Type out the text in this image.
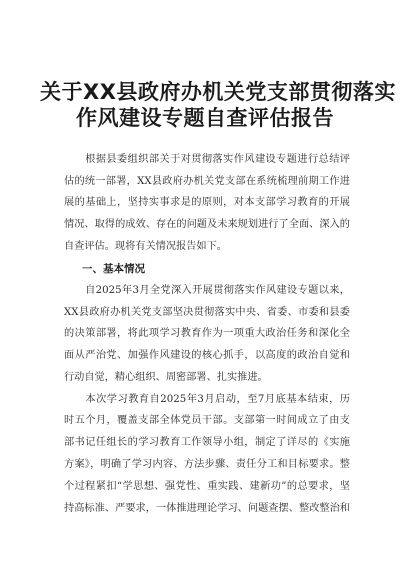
关于XX县政府办机关党支部贯彻落实
作风建设专题自查评估报告
　　根据县委组织部关于对贯彻落实作风建设专题进行总结评
估的统一部署，XX县政府办机关党支部在系统梳理前期工作进
展的基础上，坚持实事求是的原则，对本支部学习教育的开展
情况、取得的成效、存在的问题及未来规划进行了全面、深入的
自查评估。现将有关情况报告如下。
一、基本情况
　　自2025年3月全党深入开展贯彻落实作风建设专题以来，
XX县政府办机关党支部坚决贯彻落实中央、省委、市委和县委
的决策部署，将此项学习教育作为一项重大政治任务和深化全
面从严治党、加强作风建设的核心抓手，以高度的政治自觉和
行动自觉，精心组织、周密部署、扎实推进。
　　本次学习教育自2025年3月启动，至7月底基本结束，历
时五个月，覆盖支部全体党员干部。支部第一时间成立了由支
部书记任组长的学习教育工作领导小组，制定了详尽的《实施
方案》，明确了学习内容、方法步骤、责任分工和目标要求。整
个过程紧扣“学思想、强党性、重实践、建新功”的总要求，坚
持高标准、严要求，一体推进理论学习、问题查摆、整改整治和
